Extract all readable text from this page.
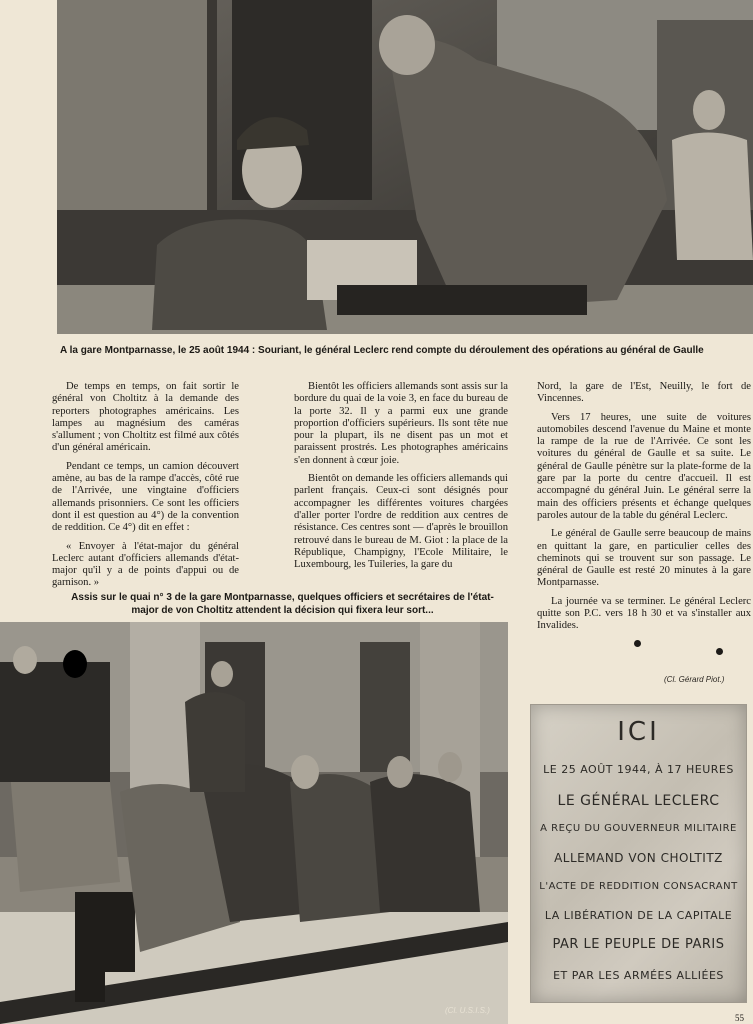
A la gare Montparnasse, le 25 août 1944 : Souriant, le général Leclerc rend compte du déroulement des opérations au général de Gaulle

De temps en temps, on fait sortir le général von Choltitz à la demande des reporters photographes américains. Les lampes au magnésium des caméras s'allument ; von Choltitz est filmé aux côtés d'un général américain.

Pendant ce temps, un camion découvert amène, au bas de la rampe d'accès, côté rue de l'Arrivée, une vingtaine d'officiers allemands prisonniers. Ce sont les officiers dont il est question au 4°) de la convention de reddition. Ce 4°) dit en effet :

« Envoyer à l'état-major du général Leclerc autant d'officiers allemands d'état-major qu'il y a de points d'appui ou de garnison. »

Bientôt les officiers allemands sont assis sur la bordure du quai de la voie 3, en face du bureau de la porte 32. Il y a parmi eux une grande proportion d'officiers supérieurs. Ils sont tête nue pour la plupart, ils ne disent pas un mot et paraissent prostrés. Les photographes américains s'en donnent à cœur joie.

Bientôt on demande les officiers allemands qui parlent français. Ceux-ci sont désignés pour accompagner les différentes voitures chargées d'aller porter l'ordre de reddition aux centres de résistance. Ces centres sont — d'après le brouillon retrouvé dans le bureau de M. Giot : la place de la République, Champigny, l'Ecole Militaire, le Luxembourg, les Tuileries, la gare du

Nord, la gare de l'Est, Neuilly, le fort de Vincennes.

Vers 17 heures, une suite de voitures automobiles descend l'avenue du Maine et monte la rampe de la rue de l'Arrivée. Ce sont les voitures du général de Gaulle et sa suite. Le général de Gaulle pénètre sur la plate-forme de la gare par la porte du centre d'accueil. Il est accompagné du général Juin. Le général serre la main des officiers présents et échange quelques paroles autour de la table du général Leclerc.

Le général de Gaulle serre beaucoup de mains en quittant la gare, en particulier celles des cheminots qui se trouvent sur son passage. Le général de Gaulle est resté 20 minutes à la gare Montparnasse.

La journée va se terminer. Le général Leclerc quitte son P.C. vers 18 h 30 et va s'installer aux Invalides.

Assis sur le quai n° 3 de la gare Montparnasse, quelques officiers et secrétaires de l'état-major de von Choltitz attendent la décision qui fixera leur sort...
(Cl. Gérard Piot.)
(Cl. U.S.I.S.)
ICI
LE 25 AOÛT 1944, À 17 HEURES
LE GÉNÉRAL LECLERC
A REÇU DU GOUVERNEUR MILITAIRE
ALLEMAND VON CHOLTITZ
L'ACTE DE REDDITION CONSACRANT
LA LIBÉRATION DE LA CAPITALE
PAR LE PEUPLE DE PARIS
ET PAR LES ARMÉES ALLIÉES
55
